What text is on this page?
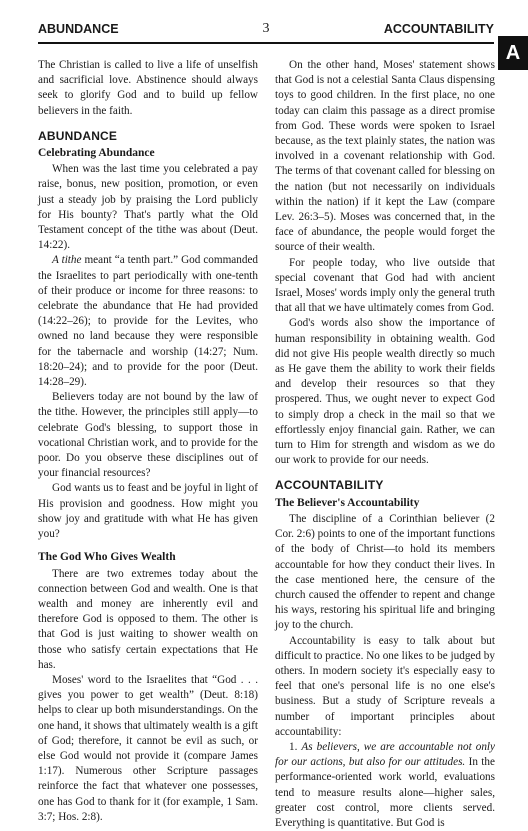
ABUNDANCE	3	ACCOUNTABILITY
A

The Christian is called to live a life of unselfish and sacrificial love. Abstinence should always seek to glorify God and to build up fellow believers in the faith.

ABUNDANCE
Celebrating Abundance

When was the last time you celebrated a pay raise, bonus, new position, promotion, or even just a steady job by praising the Lord publicly for His bounty? That's partly what the Old Testament concept of the tithe was about (Deut. 14:22).

A tithe meant “a tenth part.” God commanded the Israelites to part periodically with one-tenth of their produce or income for three reasons: to celebrate the abundance that He had provided (14:22–26); to provide for the Levites, who owned no land because they were responsible for the tabernacle and worship (14:27; Num. 18:20–24); and to provide for the poor (Deut. 14:28–29).

Believers today are not bound by the law of the tithe. However, the principles still apply—to celebrate God's blessing, to support those in vocational Christian work, and to provide for the poor. Do you observe these disciplines out of your financial resources?

God wants us to feast and be joyful in light of His provision and goodness. How might you show joy and gratitude with what He has given you?

The God Who Gives Wealth

There are two extremes today about the connection between God and wealth. One is that wealth and money are inherently evil and therefore God is opposed to them. The other is that God is just waiting to shower wealth on those who satisfy certain expectations that He has.

Moses' word to the Israelites that “God . . . gives you power to get wealth” (Deut. 8:18) helps to clear up both misunderstandings. On the one hand, it shows that ultimately wealth is a gift of God; therefore, it cannot be evil as such, or else God would not provide it (compare James 1:17). Numerous other Scripture passages reinforce the fact that whatever one possesses, one has God to thank for it (for example, 1 Sam. 3:7; Hos. 2:8).

On the other hand, Moses' statement shows that God is not a celestial Santa Claus dispensing toys to good children. In the first place, no one today can claim this passage as a direct promise from God. These words were spoken to Israel because, as the text plainly states, the nation was involved in a covenant relationship with God. The terms of that covenant called for blessing on the nation (but not necessarily on individuals within the nation) if it kept the Law (compare Lev. 26:3–5). Moses was concerned that, in the face of abundance, the people would forget the source of their wealth.

For people today, who live outside that special covenant that God had with ancient Israel, Moses' words imply only the general truth that all that we have ultimately comes from God.

God's words also show the importance of human responsibility in obtaining wealth. God did not give His people wealth directly so much as He gave them the ability to work their fields and develop their resources so that they prospered. Thus, we ought never to expect God to simply drop a check in the mail so that we effortlessly enjoy financial gain. Rather, we can turn to Him for strength and wisdom as we do our work to provide for our needs.

ACCOUNTABILITY
The Believer's Accountability

The discipline of a Corinthian believer (2 Cor. 2:6) points to one of the important functions of the body of Christ—to hold its members accountable for how they conduct their lives. In the case mentioned here, the censure of the church caused the offender to repent and change his ways, restoring his spiritual life and bringing joy to the church.

Accountability is easy to talk about but difficult to practice. No one likes to be judged by others. In modern society it's especially easy to feel that one's personal life is no one else's business. But a study of Scripture reveals a number of important principles about accountability:

1. As believers, we are accountable not only for our actions, but also for our attitudes. In the performance-oriented work world, evaluations tend to measure results alone—higher sales, greater cost control, more clients served. Everything is quantitative. But God is
